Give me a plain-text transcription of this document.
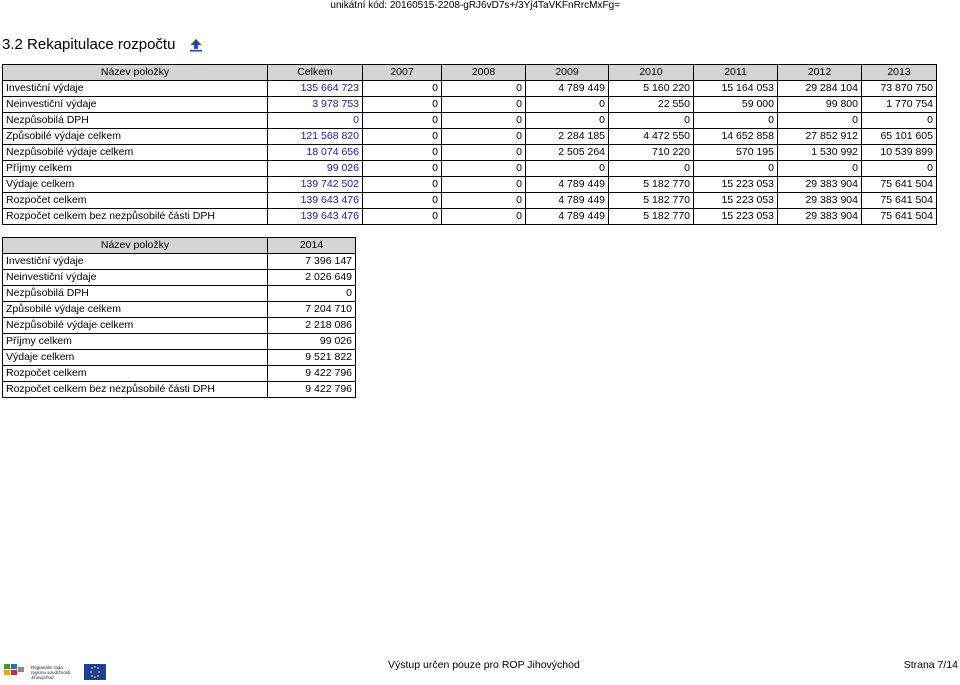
unikátní kód: 20160515-2208-gRJ6vD7s+/3Yj4TaVKFnRrcMxFg=
3.2 Rekapitulace rozpočtu
Název položky	Celkem	2007	2008	2009	2010	2011	2012	2013
Investiční výdaje	135 664 723	0	0	4 789 449	5 160 220	15 164 053	29 284 104	73 870 750
Neinvestiční výdaje	3 978 753	0	0	0	22 550	59 000	99 800	1 770 754
Nezpůsobilá DPH	0	0	0	0	0	0	0	0
Způsobilé výdaje celkem	121 568 820	0	0	2 284 185	4 472 550	14 652 858	27 852 912	65 101 605
Nezpůsobilé výdaje celkem	18 074 656	0	0	2 505 264	710 220	570 195	1 530 992	10 539 899
Příjmy celkem	99 026	0	0	0	0	0	0	0
Výdaje celkem	139 742 502	0	0	4 789 449	5 182 770	15 223 053	29 383 904	75 641 504
Rozpočet celkem	139 643 476	0	0	4 789 449	5 182 770	15 223 053	29 383 904	75 641 504
Rozpočet celkem bez nezpůsobilé části DPH	139 643 476	0	0	4 789 449	5 182 770	15 223 053	29 383 904	75 641 504
Název položky	2014
Investiční výdaje	7 396 147
Neinvestiční výdaje	2 026 649
Nezpůsobilá DPH	0
Způsobilé výdaje celkem	7 204 710
Nezpůsobilé výdaje celkem	2 218 086
Příjmy celkem	99 026
Výdaje celkem	9 521 822
Rozpočet celkem	9 422 796
Rozpočet celkem bez nezpůsobilé části DPH	9 422 796
Regionální rada
regionu soudržnosti
Jihovýchod
Výstup určen pouze pro ROP Jihovýchod	Strana 7/14
